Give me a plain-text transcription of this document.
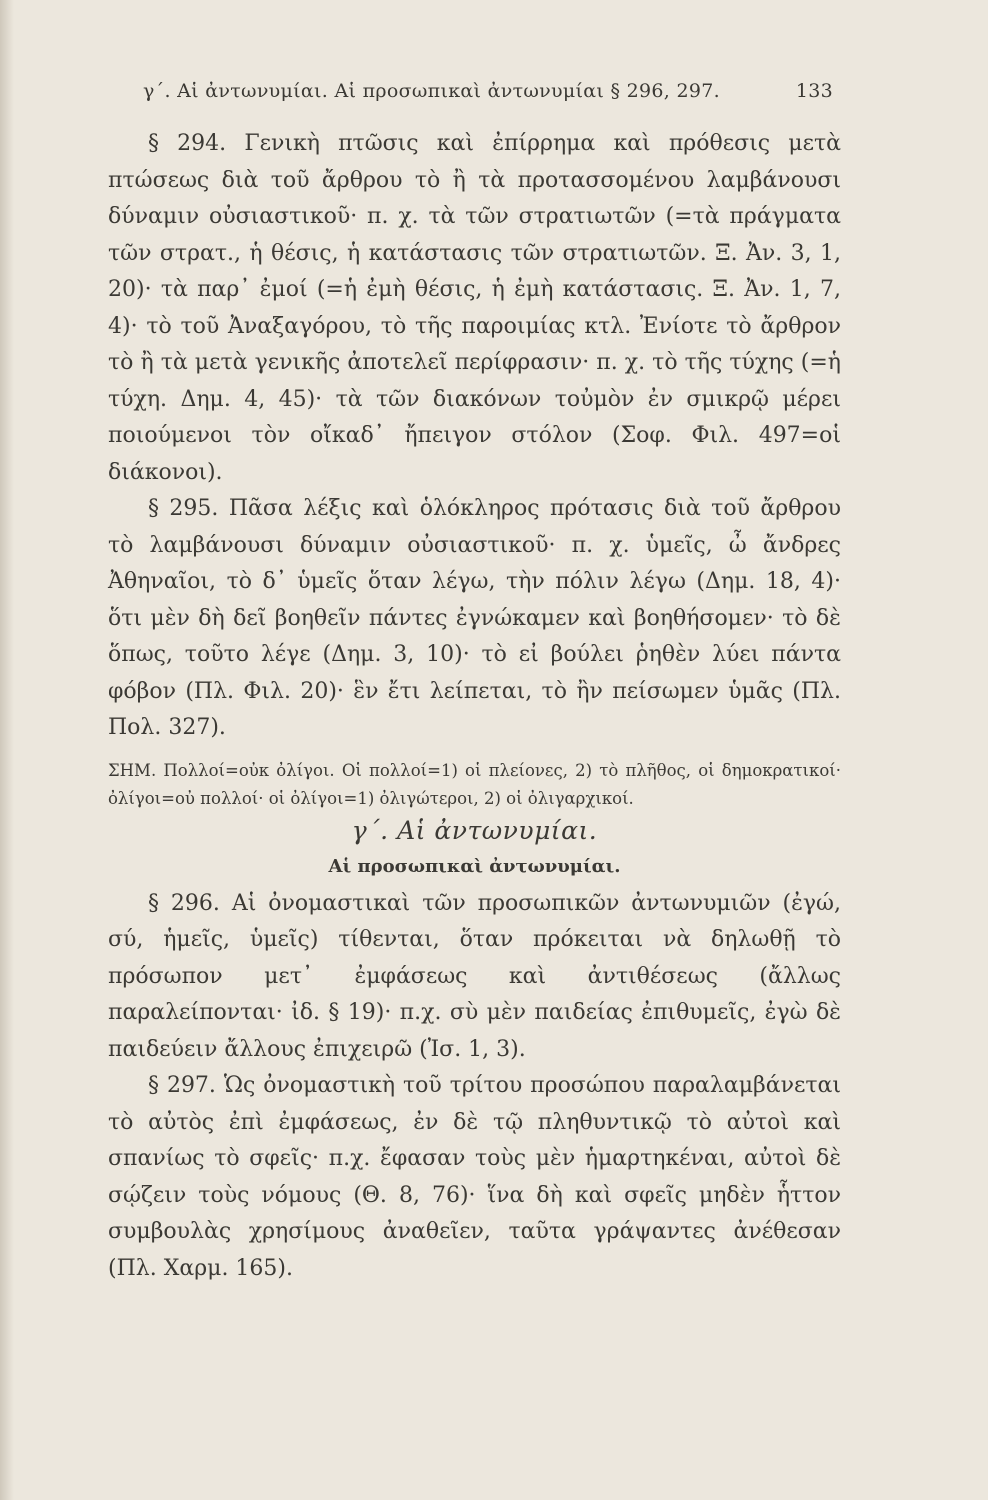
γ΄. Αἱ ἀντωνυμίαι. Αἱ προσωπικαὶ ἀντωνυμίαι § 296, 297.	133

§ 294. Γενικὴ πτῶσις καὶ ἐπίρρημα καὶ πρόθεσις μετὰ πτώσεως διὰ τοῦ ἄρθρου τὸ ἢ τὰ προτασσομένου λαμβάνουσι δύναμιν οὐσιαστικοῦ· π. χ. τὰ τῶν στρατιωτῶν (=τὰ πράγματα τῶν στρατ., ἡ θέσις, ἡ κατάστασις τῶν στρατιωτῶν. Ξ. Ἀν. 3, 1, 20)· τὰ παρ᾽ ἐμοί (=ἡ ἐμὴ θέσις, ἡ ἐμὴ κατάστασις. Ξ. Ἀν. 1, 7, 4)· τὸ τοῦ Ἀναξαγόρου, τὸ τῆς παροιμίας κτλ. Ἐνίοτε τὸ ἄρθρον τὸ ἢ τὰ μετὰ γενικῆς ἀποτελεῖ περίφρασιν· π. χ. τὸ τῆς τύχης (=ἡ τύχη. Δημ. 4, 45)· τὰ τῶν διακόνων τοὐμὸν ἐν σμικρῷ μέρει ποιούμενοι τὸν οἴκαδ᾽ ἤπειγον στόλον (Σοφ. Φιλ. 497=οἱ διάκονοι).

§ 295. Πᾶσα λέξις καὶ ὁλόκληρος πρότασις διὰ τοῦ ἄρθρου τὸ λαμβάνουσι δύναμιν οὐσιαστικοῦ· π. χ. ὑμεῖς, ὦ ἄνδρες Ἀθηναῖοι, τὸ δ᾽ ὑμεῖς ὅταν λέγω, τὴν πόλιν λέγω (Δημ. 18, 4)· ὅτι μὲν δὴ δεῖ βοηθεῖν πάντες ἐγνώκαμεν καὶ βοηθήσομεν· τὸ δὲ ὅπως, τοῦτο λέγε (Δημ. 3, 10)· τὸ εἰ βούλει ῥηθὲν λύει πάντα φόβον (Πλ. Φιλ. 20)· ἓν ἔτι λείπεται, τὸ ἢν πείσωμεν ὑμᾶς (Πλ. Πολ. 327).

ΣΗΜ. Πολλοί=οὐκ ὀλίγοι. Οἱ πολλοί=1) οἱ πλείονες, 2) τὸ πλῆθος, οἱ δημοκρατικοί· ὀλίγοι=οὐ πολλοί· οἱ ὀλίγοι=1) ὀλιγώτεροι, 2) οἱ ὀλιγαρχικοί.

γ΄. Αἱ ἀντωνυμίαι.

Αἱ προσωπικαὶ ἀντωνυμίαι.

§ 296. Αἱ ὀνομαστικαὶ τῶν προσωπικῶν ἀντωνυμιῶν (ἐγώ, σύ, ἡμεῖς, ὑμεῖς) τίθενται, ὅταν πρόκειται νὰ δηλωθῇ τὸ πρόσωπον μετ᾽ ἐμφάσεως καὶ ἀντιθέσεως (ἄλλως παραλείπονται· ἰδ. § 19)· π.χ. σὺ μὲν παιδείας ἐπιθυμεῖς, ἐγὼ δὲ παιδεύειν ἄλλους ἐπιχειρῶ (Ἰσ. 1, 3).

§ 297. Ὡς ὀνομαστικὴ τοῦ τρίτου προσώπου παραλαμβάνεται τὸ αὐτὸς ἐπὶ ἐμφάσεως, ἐν δὲ τῷ πληθυντικῷ τὸ αὐτοὶ καὶ σπανίως τὸ σφεῖς· π.χ. ἔφασαν τοὺς μὲν ἡμαρτηκέναι, αὐτοὶ δὲ σῴζειν τοὺς νόμους (Θ. 8, 76)· ἵνα δὴ καὶ σφεῖς μηδὲν ἧττον συμβουλὰς χρησίμους ἀναθεῖεν, ταῦτα γράψαντες ἀνέθεσαν (Πλ. Χαρμ. 165).
